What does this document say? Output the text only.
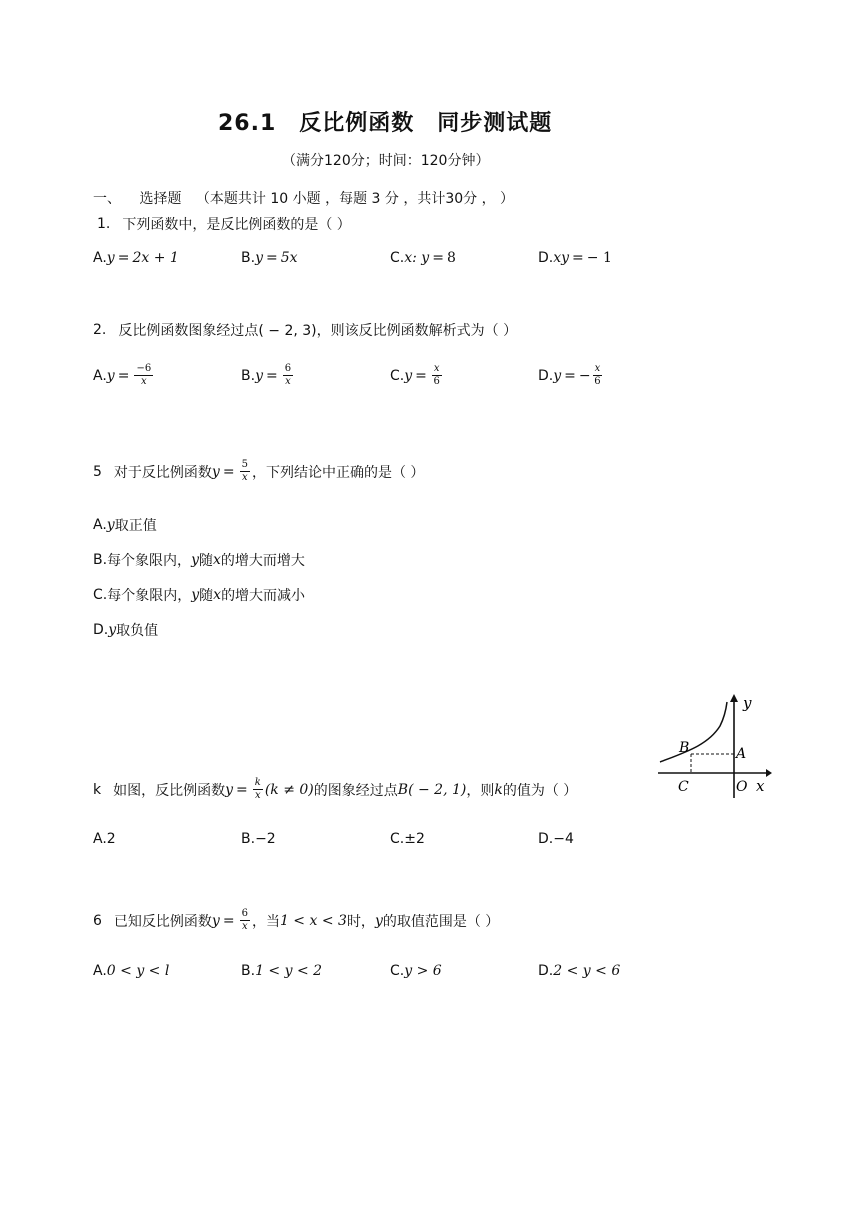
26.1　反比例函数　同步测试题
（满分120分；时间：120分钟）
一、 选择题 （本题共计 10 小题 ，每题 3 分 ，共计30分 ， ）
1. 下列函数中，是反比例函数的是（ ）
A. y = 2x + 1	B. y = 5x	C. x: y = 8	D. xy = − 1
2. 反比例函数图象经过点( − 2, 3)，则该反比例函数解析式为（ ）
A. $y = \frac{-6}{x}$	B. $y = \frac{6}{x}$	C. $y = \frac{x}{6}$	D. y = − $\frac{x}{6}$
5 对于反比例函数 $y = \frac{5}{x}$ ，下列结论中正确的是（ ）
A. y 取正值
B. 每个象限内， y 随 x 的增大而增大
C. 每个象限内， y 随 x 的增大而减小
D. y 取负值
y
x
O
A
B
C
k 如图，反比例函数 $y = \frac{k}{x} (k \ne 0)$ 的图象经过点 B( − 2, 1) ，则 k 的值为（ ）
A. 2	B. −2	C. ±2	D. −4
6 已知反比例函数 $y = \frac{6}{x}$ ，当 1 < x < 3 时， y 的取值范围是（ ）
A. 0 < y < l	B. 1 < y < 2	C. y > 6	D. 2 < y < 6
